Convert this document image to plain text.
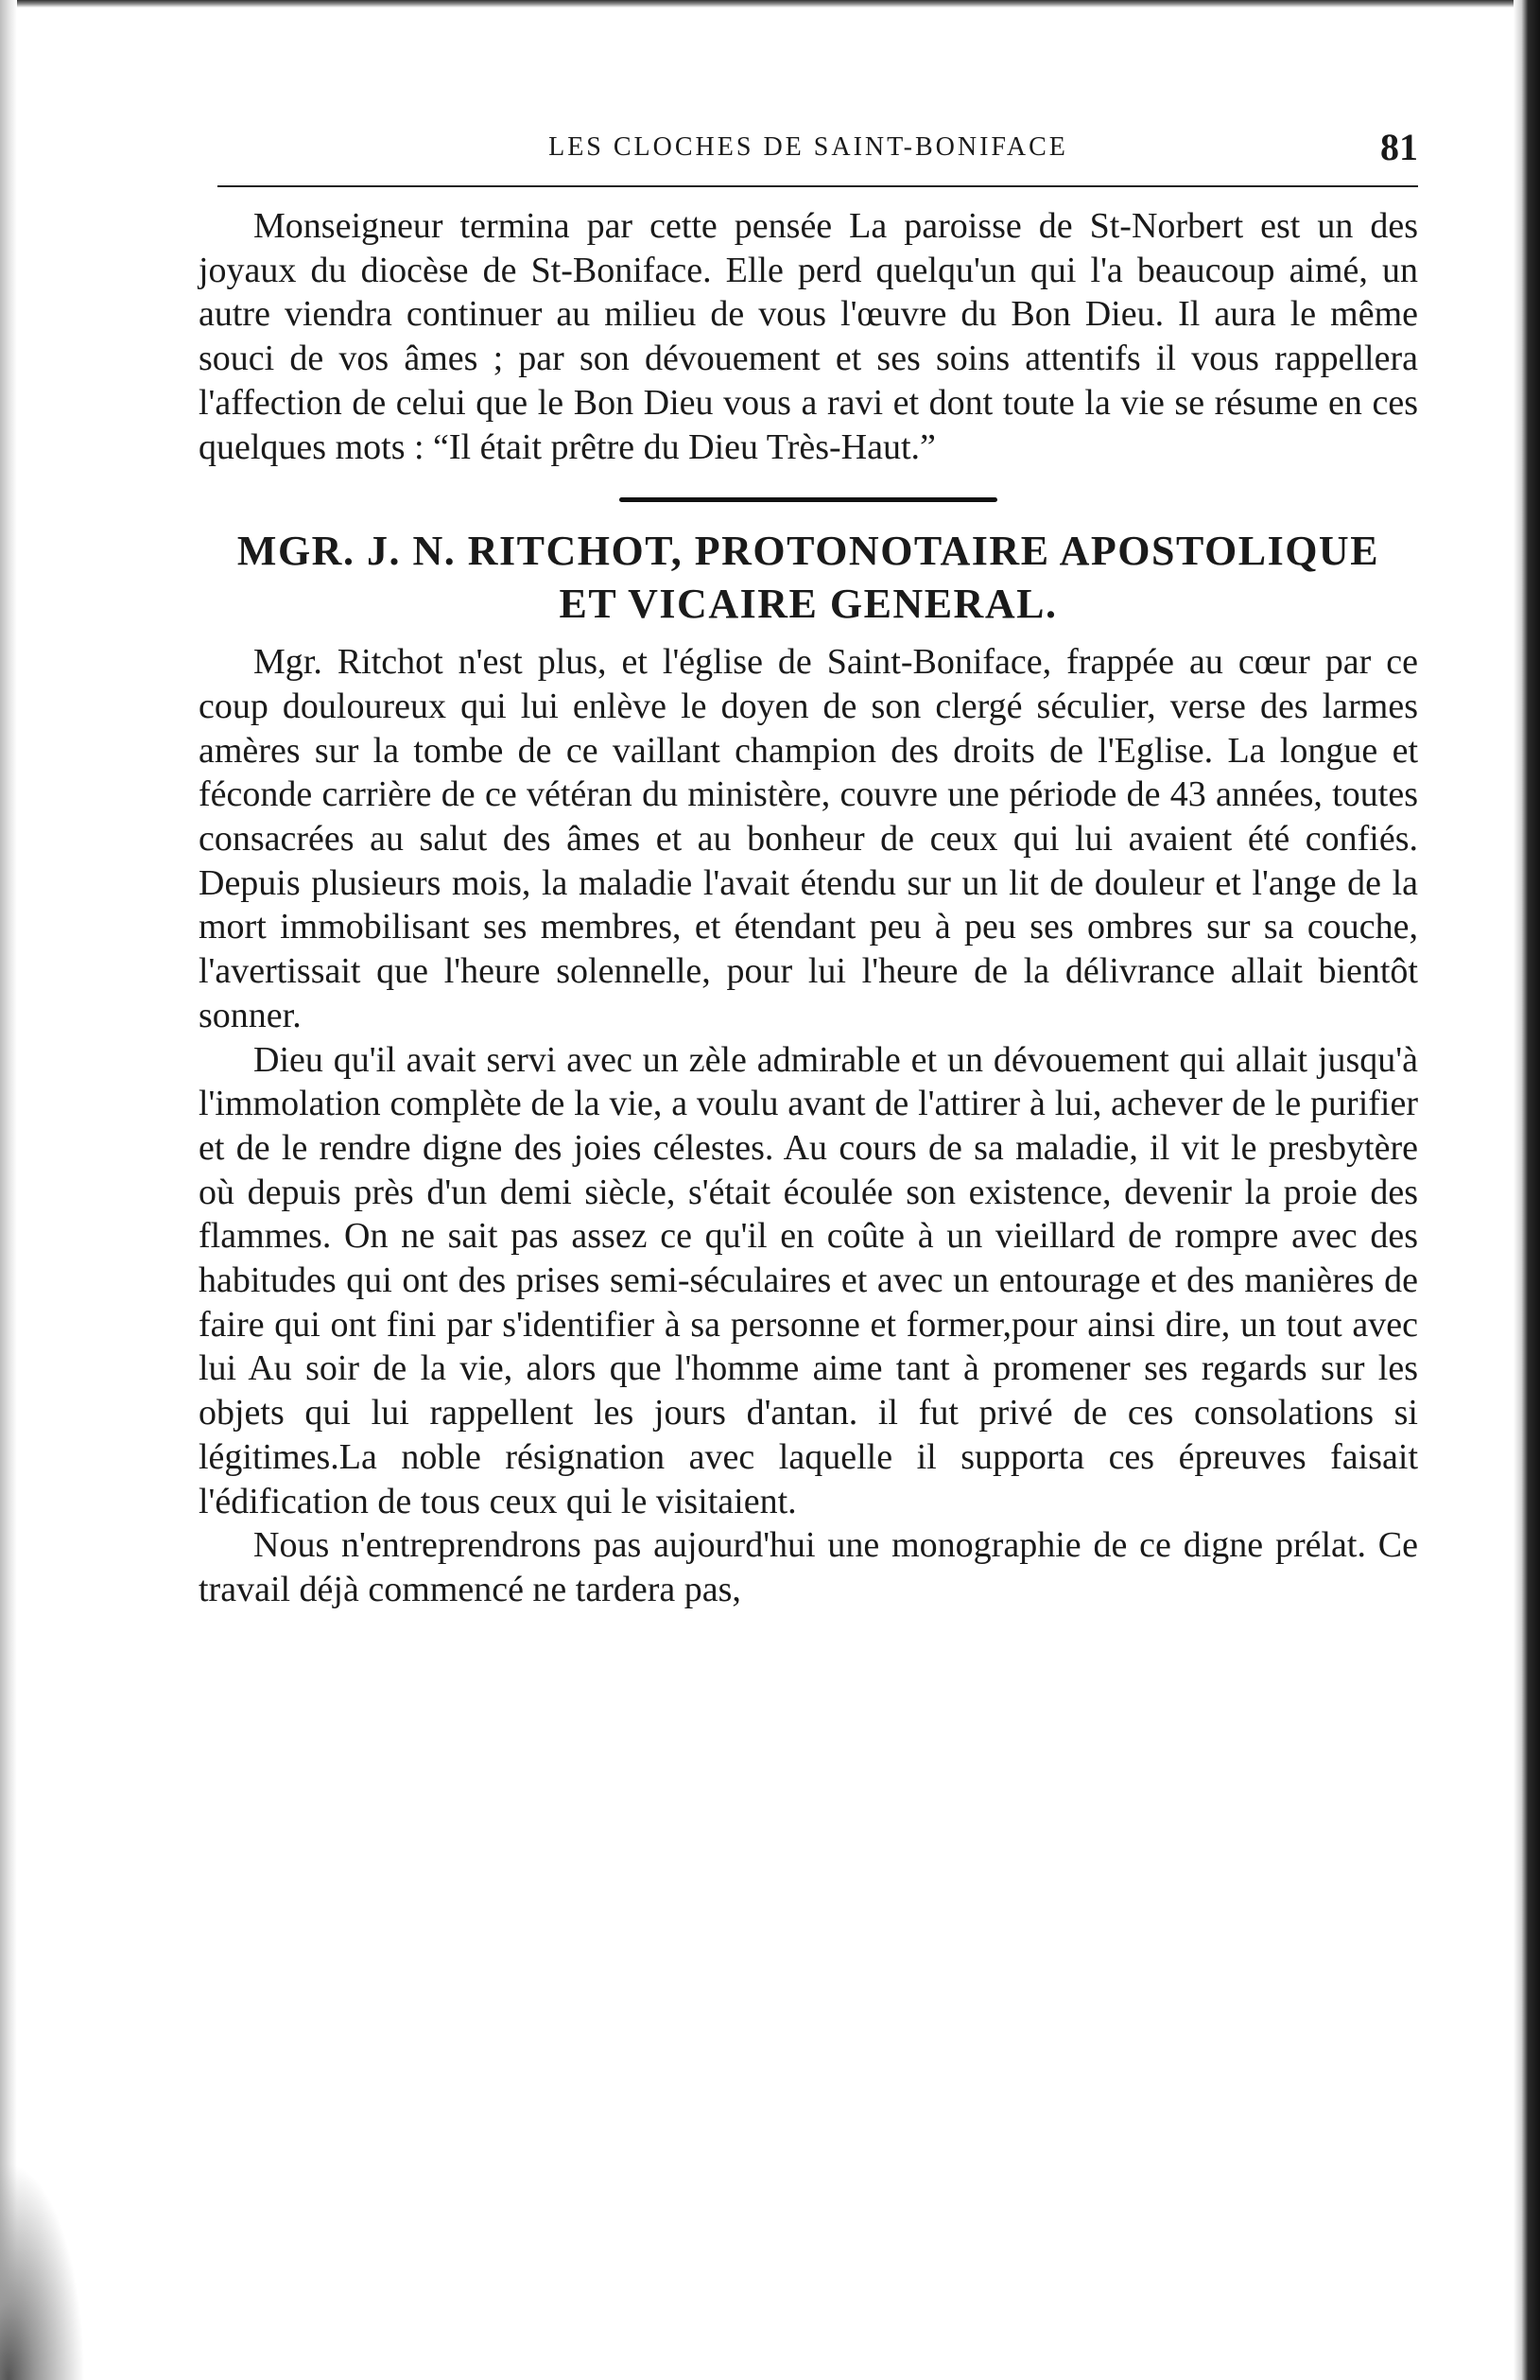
LES CLOCHES DE SAINT-BONIFACE	81

Monseigneur termina par cette pensée La paroisse de St-Norbert est un des joyaux du diocèse de St-Boniface. Elle perd quelqu'un qui l'a beaucoup aimé, un autre viendra continuer au milieu de vous l'œuvre du Bon Dieu. Il aura le même souci de vos âmes ; par son dévouement et ses soins attentifs il vous rappellera l'affection de celui que le Bon Dieu vous a ravi et dont toute la vie se résume en ces quelques mots : “Il était prêtre du Dieu Très-Haut.”

MGR. J. N. RITCHOT, PROTONOTAIRE APOSTOLIQUE
ET VICAIRE GENERAL.

Mgr. Ritchot n'est plus, et l'église de Saint-Boniface, frappée au cœur par ce coup douloureux qui lui enlève le doyen de son clergé séculier, verse des larmes amères sur la tombe de ce vaillant champion des droits de l'Eglise. La longue et féconde carrière de ce vétéran du ministère, couvre une période de 43 années, toutes consacrées au salut des âmes et au bonheur de ceux qui lui avaient été confiés. Depuis plusieurs mois, la maladie l'avait étendu sur un lit de douleur et l'ange de la mort immobilisant ses membres, et étendant peu à peu ses ombres sur sa couche, l'avertissait que l'heure solennelle, pour lui l'heure de la délivrance allait bientôt sonner.

Dieu qu'il avait servi avec un zèle admirable et un dévouement qui allait jusqu'à l'immolation complète de la vie, a voulu avant de l'attirer à lui, achever de le purifier et de le rendre digne des joies célestes. Au cours de sa maladie, il vit le presbytère où depuis près d'un demi siècle, s'était écoulée son existence, devenir la proie des flammes. On ne sait pas assez ce qu'il en coûte à un vieillard de rompre avec des habitudes qui ont des prises semi-séculaires et avec un entourage et des manières de faire qui ont fini par s'identifier à sa personne et former,pour ainsi dire, un tout avec lui Au soir de la vie, alors que l'homme aime tant à promener ses regards sur les objets qui lui rappellent les jours d'antan. il fut privé de ces consolations si légitimes.La noble résignation avec laquelle il supporta ces épreuves faisait l'édification de tous ceux qui le visitaient.

Nous n'entreprendrons pas aujourd'hui une monographie de ce digne prélat. Ce travail déjà commencé ne tardera pas,
